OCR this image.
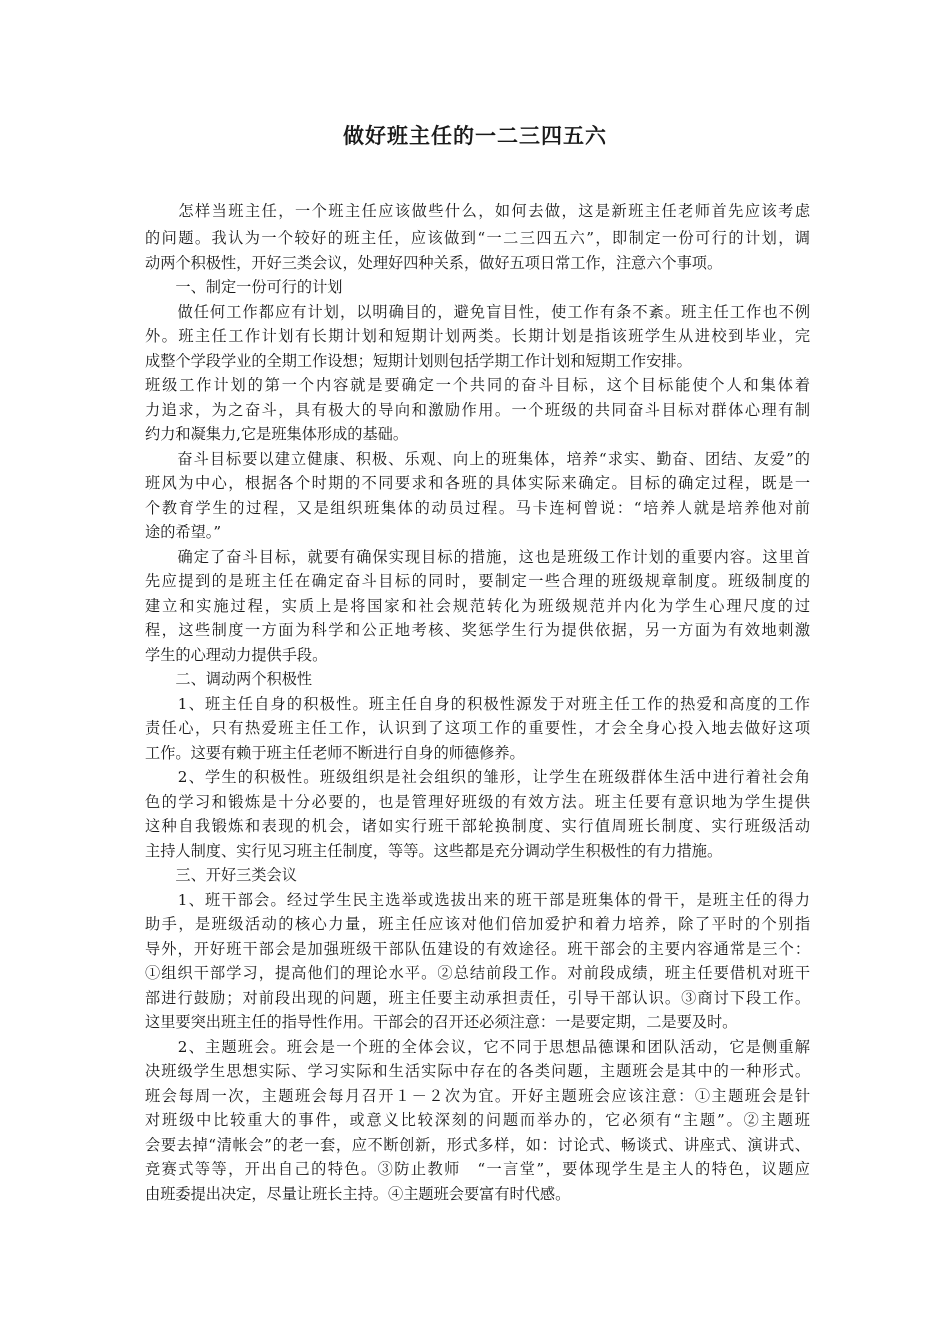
做好班主任的一二三四五六
　　怎样当班主任，一个班主任应该做些什么，如何去做，这是新班主任老师首先应该考虑
的问题。我认为一个较好的班主任，应该做到“一二三四五六”，即制定一份可行的计划，调
动两个积极性，开好三类会议，处理好四种关系，做好五项日常工作，注意六个事项。
　　一、制定一份可行的计划
　　做任何工作都应有计划，以明确目的，避免盲目性，使工作有条不紊。班主任工作也不例
外。班主任工作计划有长期计划和短期计划两类。长期计划是指该班学生从进校到毕业，完
成整个学段学业的全期工作设想；短期计划则包括学期工作计划和短期工作安排。
班级工作计划的第一个内容就是要确定一个共同的奋斗目标，这个目标能使个人和集体着
力追求，为之奋斗，具有极大的导向和激励作用。一个班级的共同奋斗目标对群体心理有制
约力和凝集力,它是班集体形成的基础。
　　奋斗目标要以建立健康、积极、乐观、向上的班集体，培养“求实、勤奋、团结、友爱”的
班风为中心，根据各个时期的不同要求和各班的具体实际来确定。目标的确定过程，既是一
个教育学生的过程，又是组织班集体的动员过程。马卡连柯曾说：“培养人就是培养他对前
途的希望。”
　　确定了奋斗目标，就要有确保实现目标的措施，这也是班级工作计划的重要内容。这里首
先应提到的是班主任在确定奋斗目标的同时，要制定一些合理的班级规章制度。班级制度的
建立和实施过程，实质上是将国家和社会规范转化为班级规范并内化为学生心理尺度的过
程，这些制度一方面为科学和公正地考核、奖惩学生行为提供依据，另一方面为有效地刺激
学生的心理动力提供手段。
　　二、调动两个积极性
　　1、班主任自身的积极性。班主任自身的积极性源发于对班主任工作的热爱和高度的工作
责任心，只有热爱班主任工作，认识到了这项工作的重要性，才会全身心投入地去做好这项
工作。这要有赖于班主任老师不断进行自身的师德修养。
　　2、学生的积极性。班级组织是社会组织的雏形，让学生在班级群体生活中进行着社会角
色的学习和锻炼是十分必要的，也是管理好班级的有效方法。班主任要有意识地为学生提供
这种自我锻炼和表现的机会，诸如实行班干部轮换制度、实行值周班长制度、实行班级活动
主持人制度、实行见习班主任制度，等等。这些都是充分调动学生积极性的有力措施。
　　三、开好三类会议
　　1、班干部会。经过学生民主选举或选拔出来的班干部是班集体的骨干，是班主任的得力
助手，是班级活动的核心力量，班主任应该对他们倍加爱护和着力培养，除了平时的个别指
导外，开好班干部会是加强班级干部队伍建设的有效途径。班干部会的主要内容通常是三个：
①组织干部学习，提高他们的理论水平。②总结前段工作。对前段成绩，班主任要借机对班干
部进行鼓励；对前段出现的问题，班主任要主动承担责任，引导干部认识。③商讨下段工作。
这里要突出班主任的指导性作用。干部会的召开还必须注意：一是要定期，二是要及时。
　　2、主题班会。班会是一个班的全体会议，它不同于思想品德课和团队活动，它是侧重解
决班级学生思想实际、学习实际和生活实际中存在的各类问题，主题班会是其中的一种形式。
班会每周一次，主题班会每月召开１－２次为宜。开好主题班会应该注意：①主题班会是针
对班级中比较重大的事件，或意义比较深刻的问题而举办的，它必须有“主题”。②主题班
会要去掉“清帐会”的老一套，应不断创新，形式多样，如：讨论式、畅谈式、讲座式、演讲式、
竞赛式等等，开出自己的特色。③防止教师　“一言堂”，要体现学生是主人的特色，议题应
由班委提出决定，尽量让班长主持。④主题班会要富有时代感。
